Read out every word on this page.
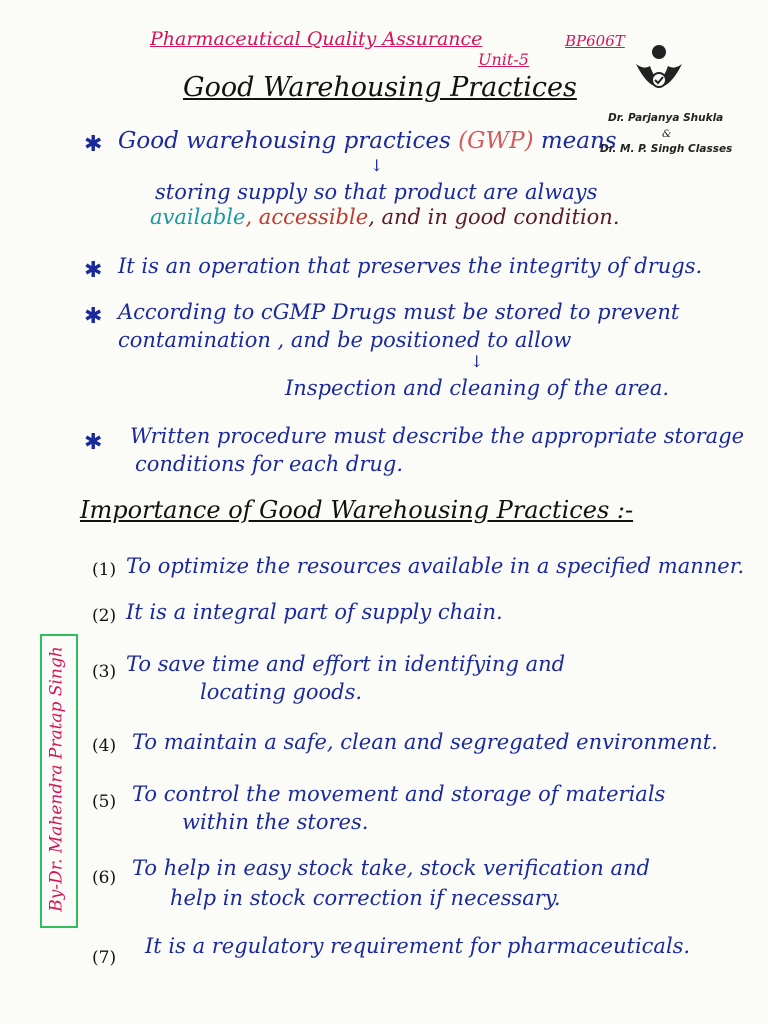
Pharmaceutical Quality Assurance
Unit-5
BP606T
Dr. Parjanya Shukla
&
Dr. M. P. Singh Classes
Good Warehousing Practices
✱ Good warehousing practices (GWP) means
↓
storing supply so that product are always
available, accessible, and in good condition.
✱ It is an operation that preserves the integrity of drugs.
✱ According to cGMP Drugs must be stored to prevent
contamination , and be positioned to allow
↓
Inspection and cleaning of the area.
✱ Written procedure must describe the appropriate storage
conditions for each drug.
Importance of Good Warehousing Practices :-
(1) To optimize the resources available in a specified manner.
(2) It is a integral part of supply chain.
(3) To save time and effort in identifying and
locating goods.
(4) To maintain a safe, clean and segregated environment.
(5) To control the movement and storage of materials
within the stores.
(6) To help in easy stock take, stock verification and
help in stock correction if necessary.
(7) It is a regulatory requirement for pharmaceuticals.
By-Dr. Mahendra Pratap Singh
